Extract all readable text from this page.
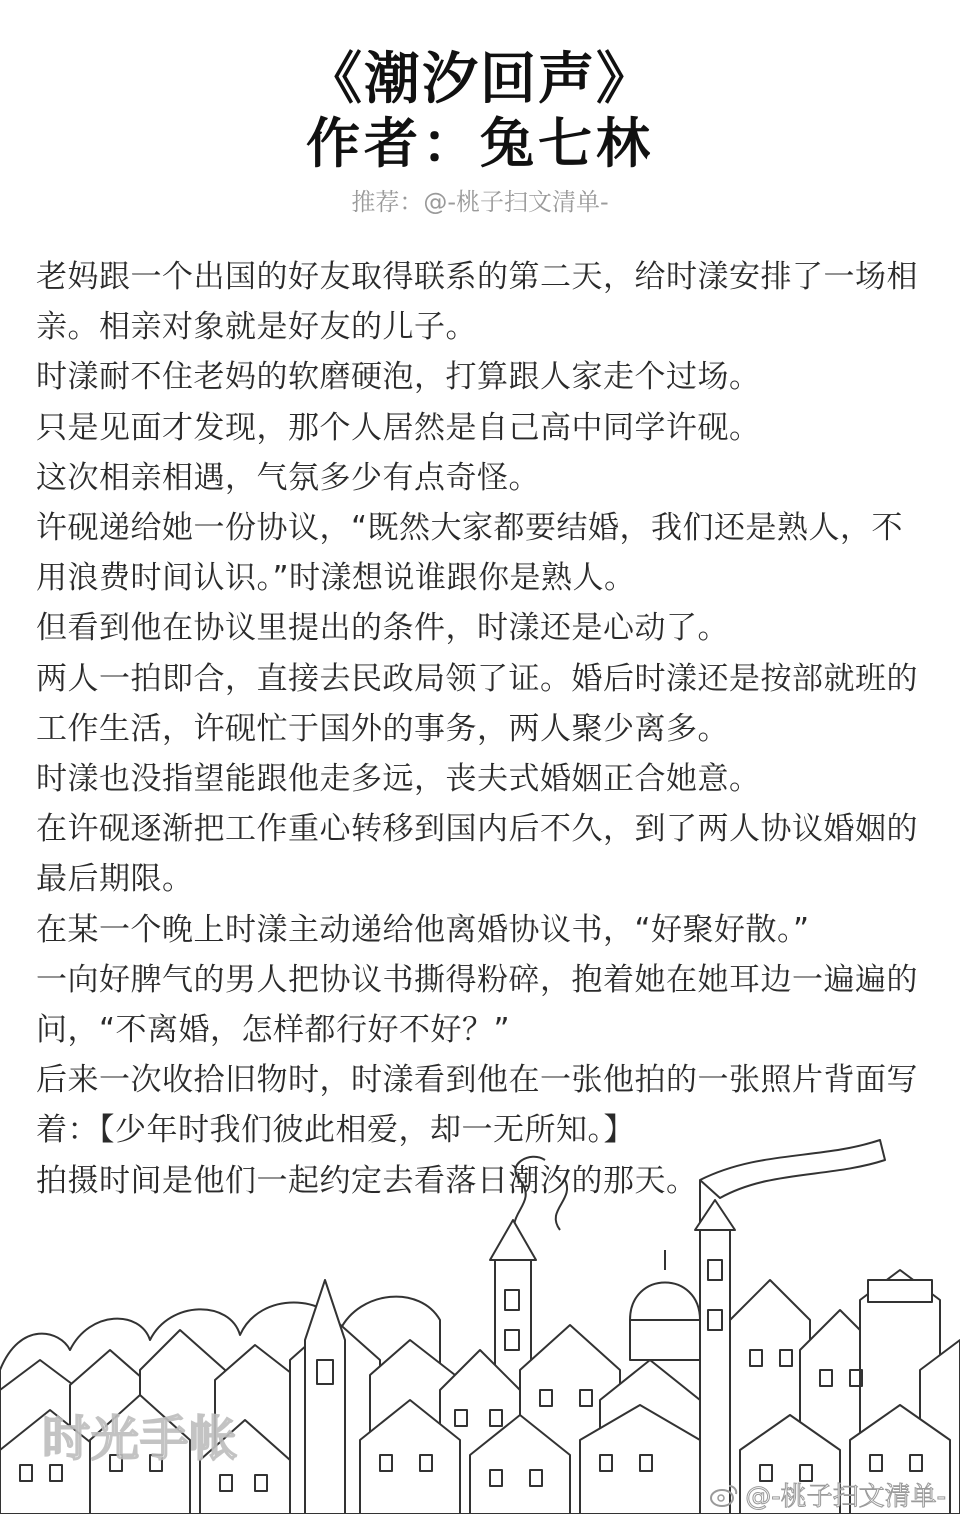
《潮汐回声》
作者：兔七林
推荐：@-桃子扫文清单-

老妈跟一个出国的好友取得联系的第二天，给时漾安排了一场相亲。相亲对象就是好友的儿子。

时漾耐不住老妈的软磨硬泡，打算跟人家走个过场。

只是见面才发现，那个人居然是自己高中同学许砚。

这次相亲相遇，气氛多少有点奇怪。

许砚递给她一份协议，“既然大家都要结婚，我们还是熟人，不用浪费时间认识。”时漾想说谁跟你是熟人。

但看到他在协议里提出的条件，时漾还是心动了。

两人一拍即合，直接去民政局领了证。婚后时漾还是按部就班的工作生活，许砚忙于国外的事务，两人聚少离多。

时漾也没指望能跟他走多远，丧夫式婚姻正合她意。

在许砚逐渐把工作重心转移到国内后不久，到了两人协议婚姻的最后期限。

在某一个晚上时漾主动递给他离婚协议书，“好聚好散。”

一向好脾气的男人把协议书撕得粉碎，抱着她在她耳边一遍遍的问，“不离婚，怎样都行好不好？”

后来一次收拾旧物时，时漾看到他在一张他拍的一张照片背面写着：【少年时我们彼此相爱，却一无所知。】

拍摄时间是他们一起约定去看落日潮汐的那天。

时光手帐
@-桃子扫文清单-
